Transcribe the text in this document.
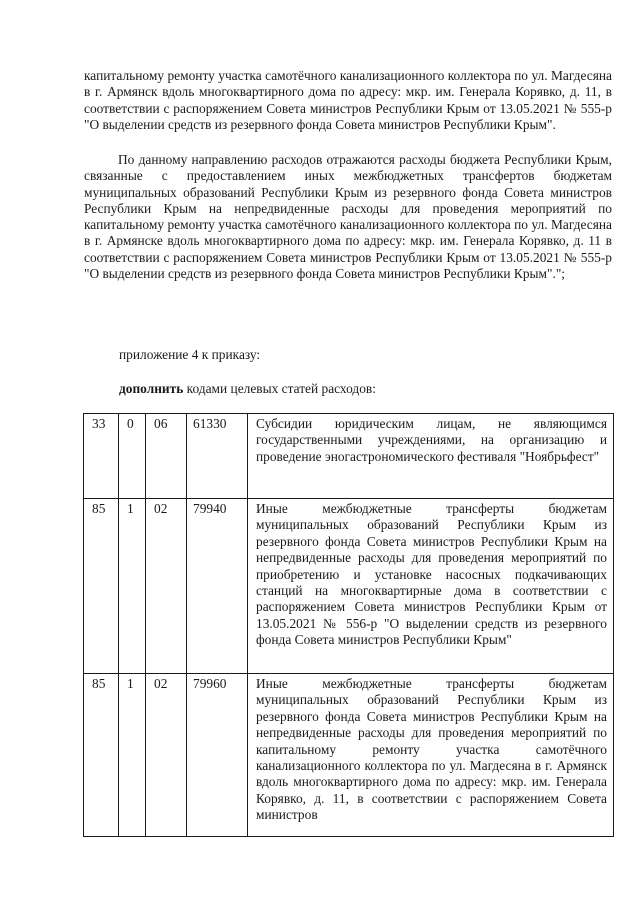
капитальному ремонту участка самотёчного канализационного коллектора по ул. Магдесяна в г. Армянск вдоль многоквартирного дома по адресу: мкр. им. Генерала Корявко, д. 11, в соответствии с распоряжением Совета министров Республики Крым от 13.05.2021 № 555-р "О выделении средств из резервного фонда Совета министров Республики Крым".
По данному направлению расходов отражаются расходы бюджета Республики Крым, связанные с предоставлением иных межбюджетных трансфертов бюджетам муниципальных образований Республики Крым из резервного фонда Совета министров Республики Крым на непредвиденные расходы для проведения мероприятий по капитальному ремонту участка самотёчного канализационного коллектора по ул. Магдесяна в г. Армянске вдоль многоквартирного дома по адресу: мкр. им. Генерала Корявко, д. 11 в соответствии с распоряжением Совета министров Республики Крым от 13.05.2021 № 555-р "О выделении средств из резервного фонда Совета министров Республики Крым".";
приложение 4 к приказу:
дополнить кодами целевых статей расходов:
33	0	06	61330	Субсидии юридическим лицам, не являющимся государственными учреждениями, на организацию и проведение эногастрономического фестиваля "Ноябрьфест"
85	1	02	79940	Иные межбюджетные трансферты бюджетам муниципальных образований Республики Крым из резервного фонда Совета министров Республики Крым на непредвиденные расходы для проведения мероприятий по приобретению и установке насосных подкачивающих станций на многоквартирные дома в соответствии с распоряжением Совета министров Республики Крым от 13.05.2021 № 556-р "О выделении средств из резервного фонда Совета министров Республики Крым"
85	1	02	79960	Иные межбюджетные трансферты бюджетам муниципальных образований Республики Крым из резервного фонда Совета министров Республики Крым на непредвиденные расходы для проведения мероприятий по капитальному ремонту участка самотёчного канализационного коллектора по ул. Магдесяна в г. Армянск вдоль многоквартирного дома по адресу: мкр. им. Генерала Корявко, д. 11, в соответствии с распоряжением Совета министров
